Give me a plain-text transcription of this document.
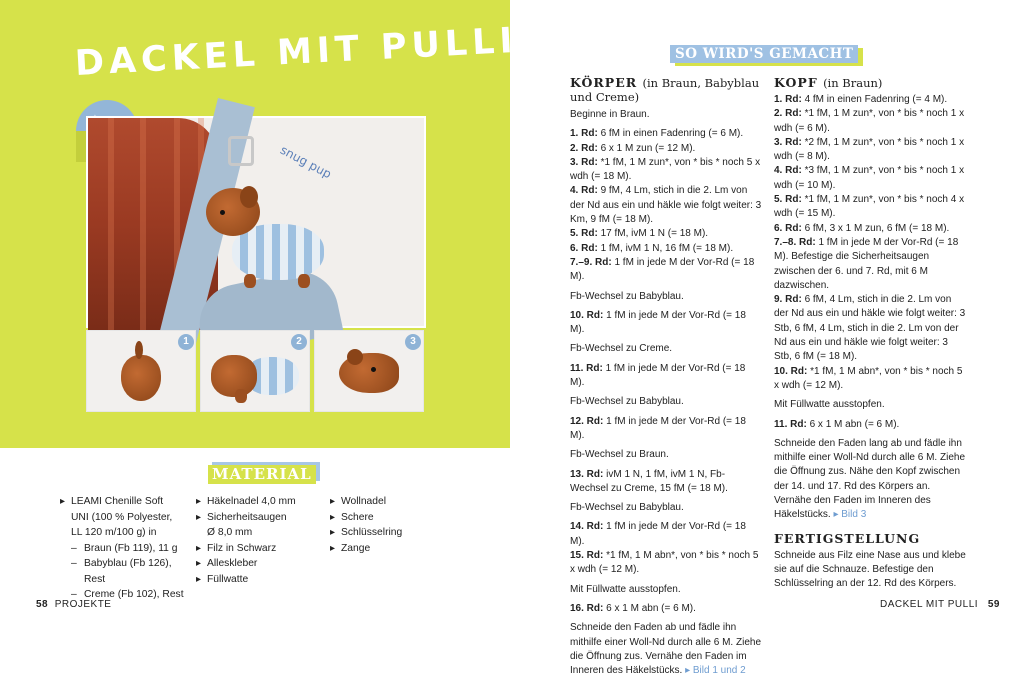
DACKEL MIT PULLI
snug pup
1	2	3
MATERIAL
▸ LEAMI Chenille Soft
UNI (100 % Polyester,
LL 120 m/100 g) in
– Braun (Fb 119), 11 g
– Babyblau (Fb 126), Rest
– Creme (Fb 102), Rest
▸ Häkelnadel 4,0 mm
▸ Sicherheitsaugen
Ø 8,0 mm
▸ Filz in Schwarz
▸ Alleskleber
▸ Füllwatte
▸ Wollnadel
▸ Schere
▸ Schlüsselring
▸ Zange
58 PROJEKTE
SO WIRD'S GEMACHT
KÖRPER (in Braun, Babyblau und Creme)

Beginne in Braun.

1. Rd: 6 fM in einen Fadenring (= 6 M).

2. Rd: 6 x 1 M zun (= 12 M).

3. Rd: *1 fM, 1 M zun*, von * bis * noch 5 x wdh (= 18 M).

4. Rd: 9 fM, 4 Lm, stich in die 2. Lm von der Nd aus ein und häkle wie folgt weiter: 3 Km, 9 fM (= 18 M).

5. Rd: 17 fM, ivM 1 N (= 18 M).

6. Rd: 1 fM, ivM 1 N, 16 fM (= 18 M).

7.–9. Rd: 1 fM in jede M der Vor-Rd (= 18 M).

Fb-Wechsel zu Babyblau.

10. Rd: 1 fM in jede M der Vor-Rd (= 18 M).

Fb-Wechsel zu Creme.

11. Rd: 1 fM in jede M der Vor-Rd (= 18 M).

Fb-Wechsel zu Babyblau.

12. Rd: 1 fM in jede M der Vor-Rd (= 18 M).

Fb-Wechsel zu Braun.

13. Rd: ivM 1 N, 1 fM, ivM 1 N, Fb-Wechsel zu Creme, 15 fM (= 18 M).

Fb-Wechsel zu Babyblau.

14. Rd: 1 fM in jede M der Vor-Rd (= 18 M).

15. Rd: *1 fM, 1 M abn*, von * bis * noch 5 x wdh (= 12 M).

Mit Füllwatte ausstopfen.

16. Rd: 6 x 1 M abn (= 6 M).

Schneide den Faden ab und fädle ihn mithilfe einer Woll-Nd durch alle 6 M. Ziehe die Öffnung zus. Vernähe den Faden im Inneren des Häkelstücks. ▸ Bild 1 und 2

KOPF (in Braun)

1. Rd: 4 fM in einen Fadenring (= 4 M).

2. Rd: *1 fM, 1 M zun*, von * bis * noch 1 x wdh (= 6 M).

3. Rd: *2 fM, 1 M zun*, von * bis * noch 1 x wdh (= 8 M).

4. Rd: *3 fM, 1 M zun*, von * bis * noch 1 x wdh (= 10 M).

5. Rd: *1 fM, 1 M zun*, von * bis * noch 4 x wdh (= 15 M).

6. Rd: 6 fM, 3 x 1 M zun, 6 fM (= 18 M).

7.–8. Rd: 1 fM in jede M der Vor-Rd (= 18 M). Befestige die Sicherheitsaugen zwischen der 6. und 7. Rd, mit 6 M dazwischen.

9. Rd: 6 fM, 4 Lm, stich in die 2. Lm von der Nd aus ein und häkle wie folgt weiter: 3 Stb, 6 fM, 4 Lm, stich in die 2. Lm von der Nd aus ein und häkle wie folgt weiter: 3 Stb, 6 fM (= 18 M).

10. Rd: *1 fM, 1 M abn*, von * bis * noch 5 x wdh (= 12 M).

Mit Füllwatte ausstopfen.

11. Rd: 6 x 1 M abn (= 6 M).

Schneide den Faden lang ab und fädle ihn mithilfe einer Woll-Nd durch alle 6 M. Ziehe die Öffnung zus. Nähe den Kopf zwischen der 14. und 17. Rd des Körpers an. Vernähe den Faden im Inneren des Häkelstücks. ▸ Bild 3

FERTIGSTELLUNG

Schneide aus Filz eine Nase aus und klebe sie auf die Schnauze. Befestige den Schlüsselring an der 12. Rd des Körpers.

DACKEL MIT PULLI 59
